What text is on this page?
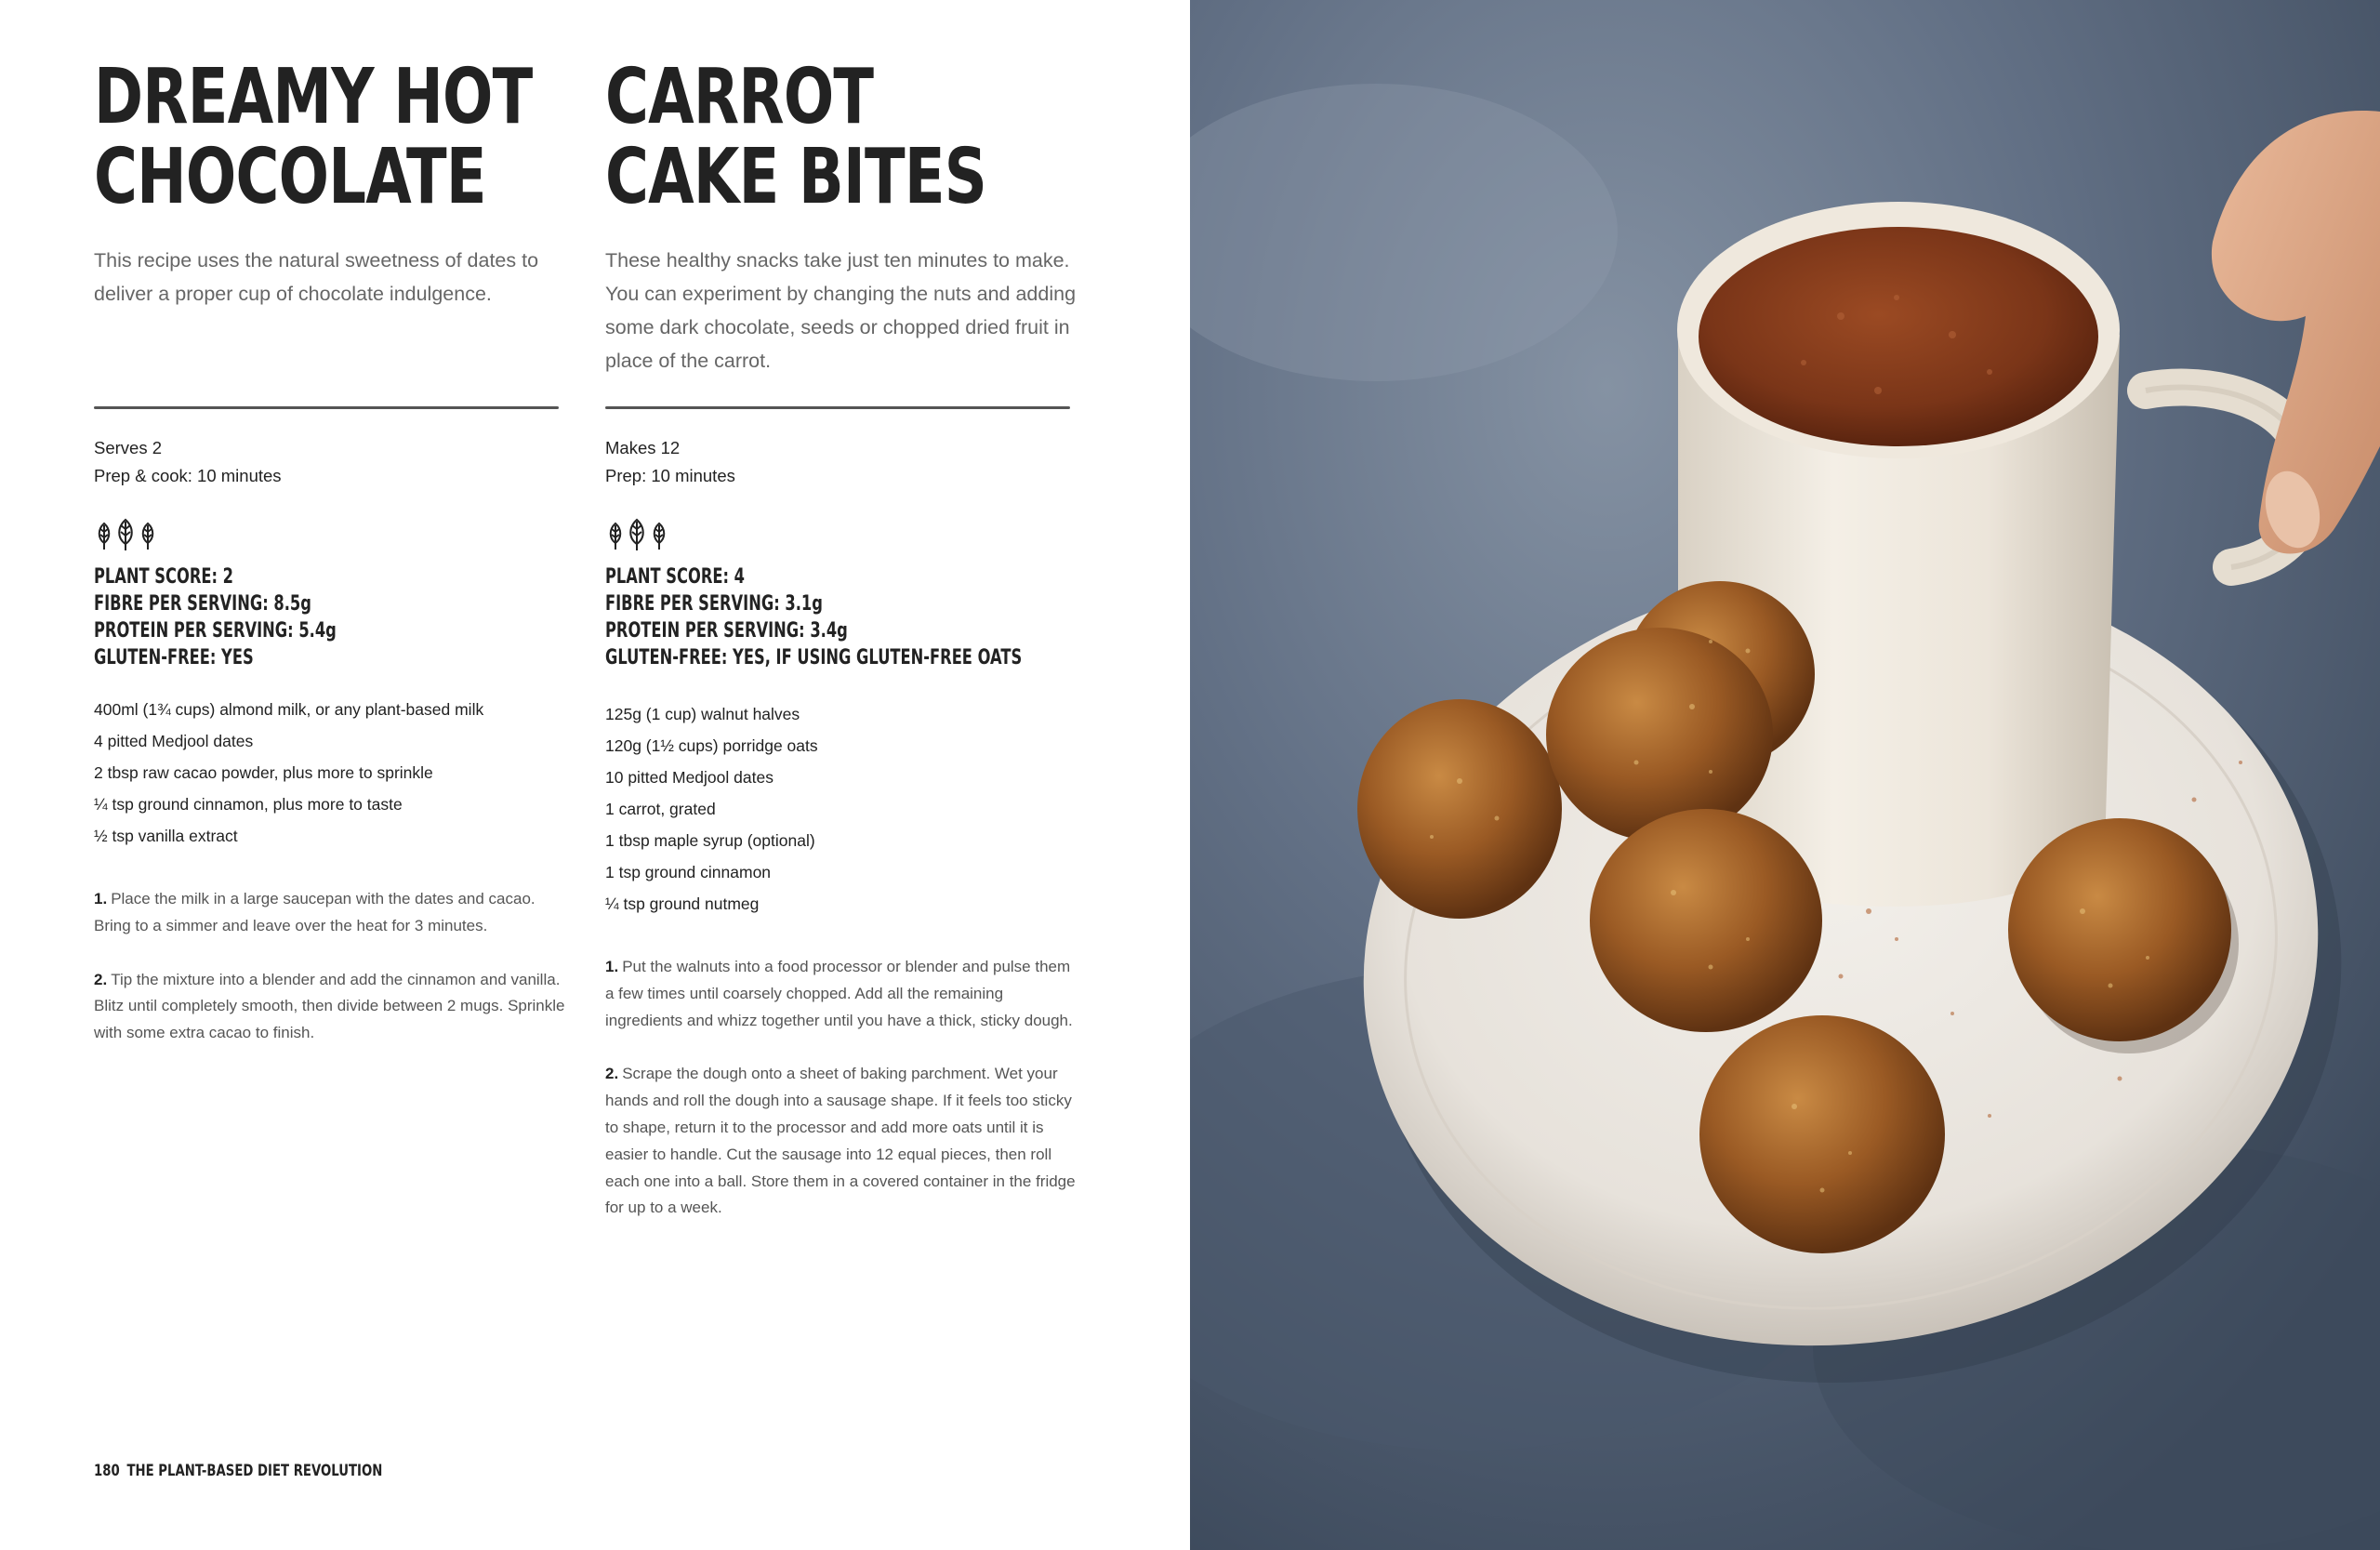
DREAMY HOT
CHOCOLATE

This recipe uses the natural sweetness of dates to deliver a proper cup of chocolate indulgence.

Serves 2
Prep & cook: 10 minutes
PLANT SCORE: 2
FIBRE PER SERVING: 8.5g
PROTEIN PER SERVING: 5.4g
GLUTEN-FREE: YES
400ml (1¾ cups) almond milk, or any plant-based milk
4 pitted Medjool dates
2 tbsp raw cacao powder, plus more to sprinkle
¼ tsp ground cinnamon, plus more to taste
½ tsp vanilla extract

1. Place the milk in a large saucepan with the dates and cacao. Bring to a simmer and leave over the heat for 3 minutes.

2. Tip the mixture into a blender and add the cinnamon and vanilla. Blitz until completely smooth, then divide between 2 mugs. Sprinkle with some extra cacao to finish.

CARROT
CAKE BITES

These healthy snacks take just ten minutes to make. You can experiment by changing the nuts and adding some dark chocolate, seeds or chopped dried fruit in place of the carrot.

Makes 12
Prep: 10 minutes
PLANT SCORE: 4
FIBRE PER SERVING: 3.1g
PROTEIN PER SERVING: 3.4g
GLUTEN-FREE: YES, IF USING GLUTEN-FREE OATS
125g (1 cup) walnut halves
120g (1½ cups) porridge oats
10 pitted Medjool dates
1 carrot, grated
1 tbsp maple syrup (optional)
1 tsp ground cinnamon
¼ tsp ground nutmeg

1. Put the walnuts into a food processor or blender and pulse them a few times until coarsely chopped. Add all the remaining ingredients and whizz together until you have a thick, sticky dough.

2. Scrape the dough onto a sheet of baking parchment. Wet your hands and roll the dough into a sausage shape. If it feels too sticky to shape, return it to the processor and add more oats until it is easier to handle. Cut the sausage into 12 equal pieces, then roll each one into a ball. Store them in a covered container in the fridge for up to a week.

180 THE PLANT-BASED DIET REVOLUTION
